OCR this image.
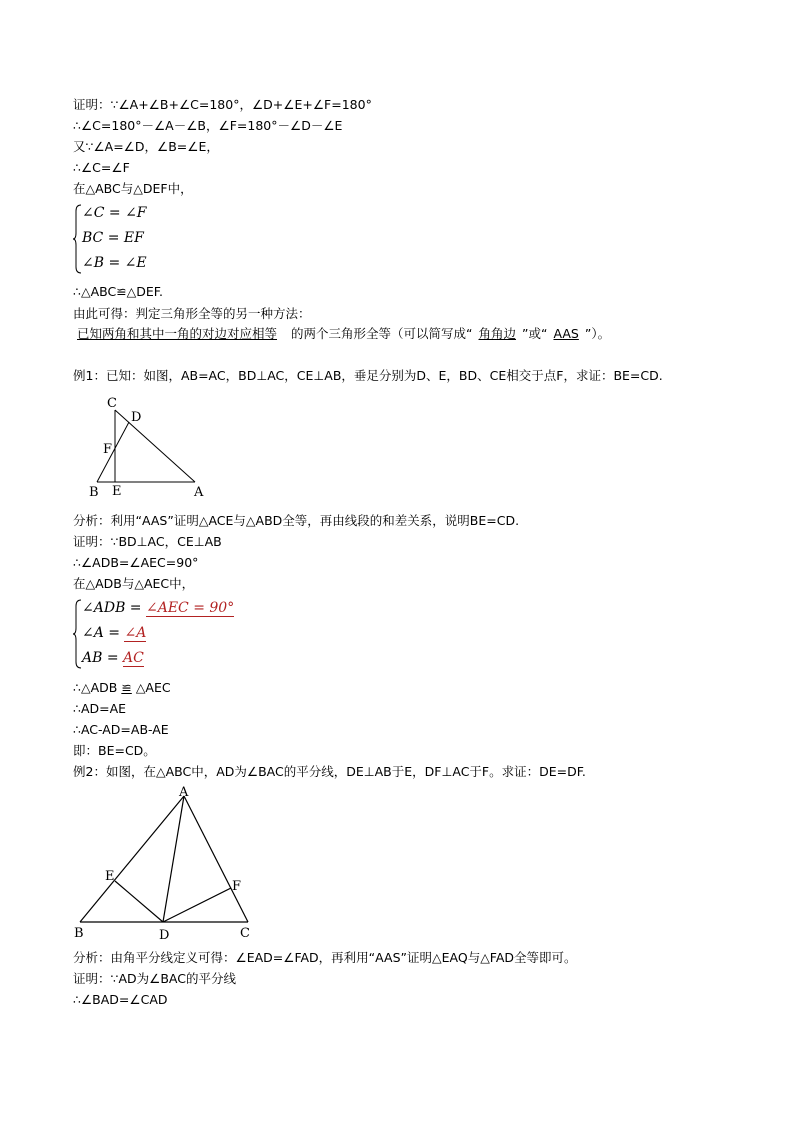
证明：∵∠A+∠B+∠C=180°，∠D+∠E+∠F=180°
∴∠C=180°－∠A－∠B，∠F=180°－∠D－∠E
又∵∠A=∠D，∠B=∠E，
∴∠C=∠F
在△ABC与△DEF中，
∠C = ∠F
BC = EF
∠B = ∠E
∴△ABC≌△DEF.
由此可得：判定三角形全等的另一种方法：
已知两角和其中一角的对边对应相等 的两个三角形全等（可以简写成“ 角角边 ”或“ AAS ”）。
例1：已知：如图，AB=AC，BD⊥AC，CE⊥AB，垂足分别为D、E，BD、CE相交于点F，求证：BE=CD.
C
D
F
B E	A
分析：利用“AAS”证明△ACE与△ABD全等，再由线段的和差关系，说明BE=CD.
证明：∵BD⊥AC，CE⊥AB
∴∠ADB=∠AEC=90°
在△ADB与△AEC中，
∠ADB = ∠AEC = 90°
∠A = ∠A
AB = AC
∴△ADB ≌ △AEC
∴AD=AE
∴AC-AD=AB-AE
即：BE=CD。
例2：如图，在△ABC中，AD为∠BAC的平分线，DE⊥AB于E，DF⊥AC于F。求证：DE=DF.
A
E
F
B	D	C
分析：由角平分线定义可得：∠EAD=∠FAD，再利用“AAS”证明△EAQ与△FAD全等即可。
证明：∵AD为∠BAC的平分线
∴∠BAD=∠CAD
